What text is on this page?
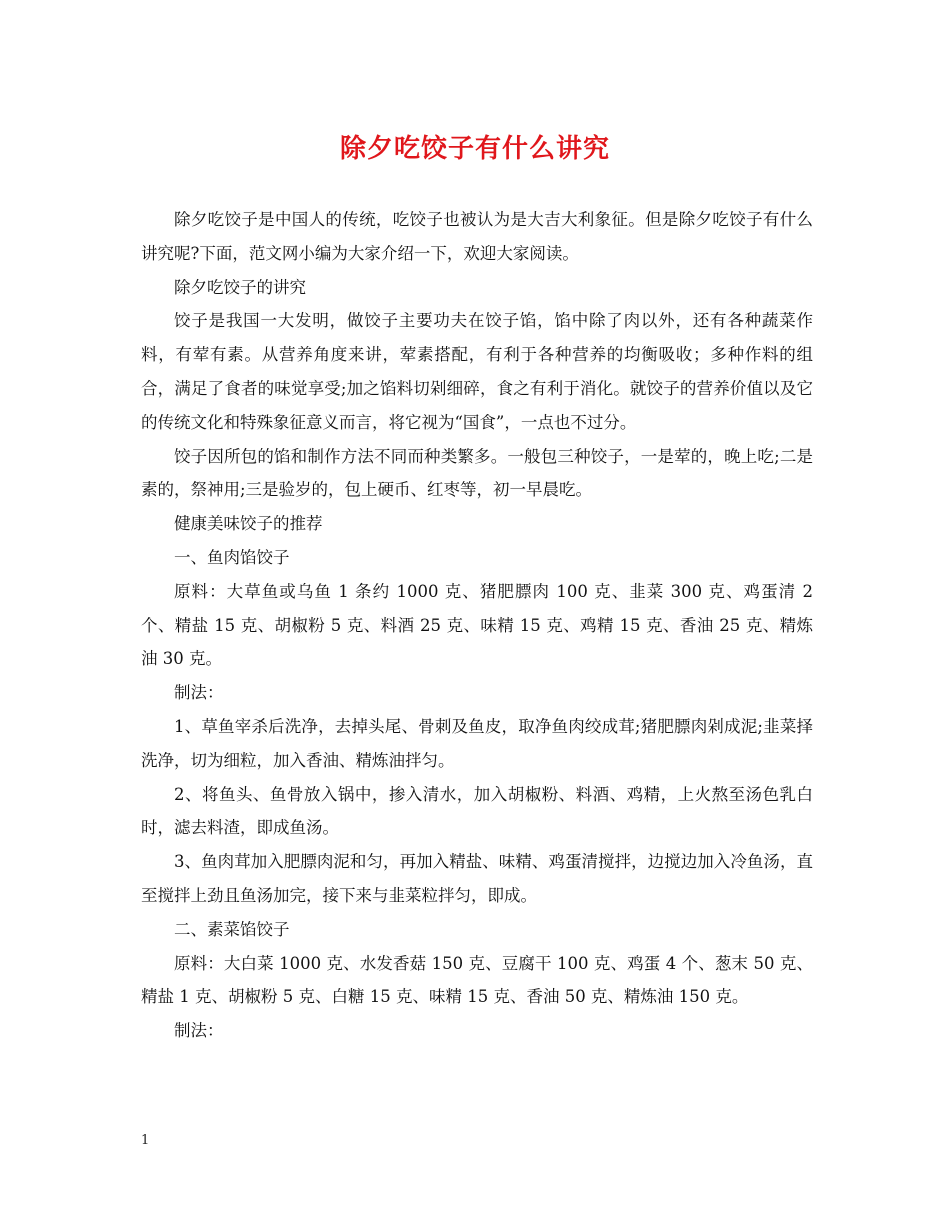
除夕吃饺子有什么讲究

除夕吃饺子是中国人的传统，吃饺子也被认为是大吉大利象征。但是除夕吃饺子有什么讲究呢?下面，范文网小编为大家介绍一下，欢迎大家阅读。

除夕吃饺子的讲究

饺子是我国一大发明，做饺子主要功夫在饺子馅，馅中除了肉以外，还有各种蔬菜作料，有荤有素。从营养角度来讲，荤素搭配，有利于各种营养的均衡吸收；多种作料的组合，满足了食者的味觉享受;加之馅料切剁细碎，食之有利于消化。就饺子的营养价值以及它的传统文化和特殊象征意义而言，将它视为“国食”，一点也不过分。

饺子因所包的馅和制作方法不同而种类繁多。一般包三种饺子，一是荤的，晚上吃;二是素的，祭神用;三是验岁的，包上硬币、红枣等，初一早晨吃。

健康美味饺子的推荐

一、鱼肉馅饺子

原料：大草鱼或乌鱼 1 条约 1000 克、猪肥膘肉 100 克、韭菜 300 克、鸡蛋清 2 个、精盐 15 克、胡椒粉 5 克、料酒 25 克、味精 15 克、鸡精 15 克、香油 25 克、精炼油 30 克。

制法：

1、草鱼宰杀后洗净，去掉头尾、骨刺及鱼皮，取净鱼肉绞成茸;猪肥膘肉剁成泥;韭菜择洗净，切为细粒，加入香油、精炼油拌匀。

2、将鱼头、鱼骨放入锅中，掺入清水，加入胡椒粉、料酒、鸡精，上火熬至汤色乳白时，滤去料渣，即成鱼汤。

3、鱼肉茸加入肥膘肉泥和匀，再加入精盐、味精、鸡蛋清搅拌，边搅边加入冷鱼汤，直至搅拌上劲且鱼汤加完，接下来与韭菜粒拌匀，即成。

二、素菜馅饺子

原料：大白菜 1000 克、水发香菇 150 克、豆腐干 100 克、鸡蛋 4 个、葱末 50 克、精盐 1 克、胡椒粉 5 克、白糖 15 克、味精 15 克、香油 50 克、精炼油 150 克。

制法：

1
